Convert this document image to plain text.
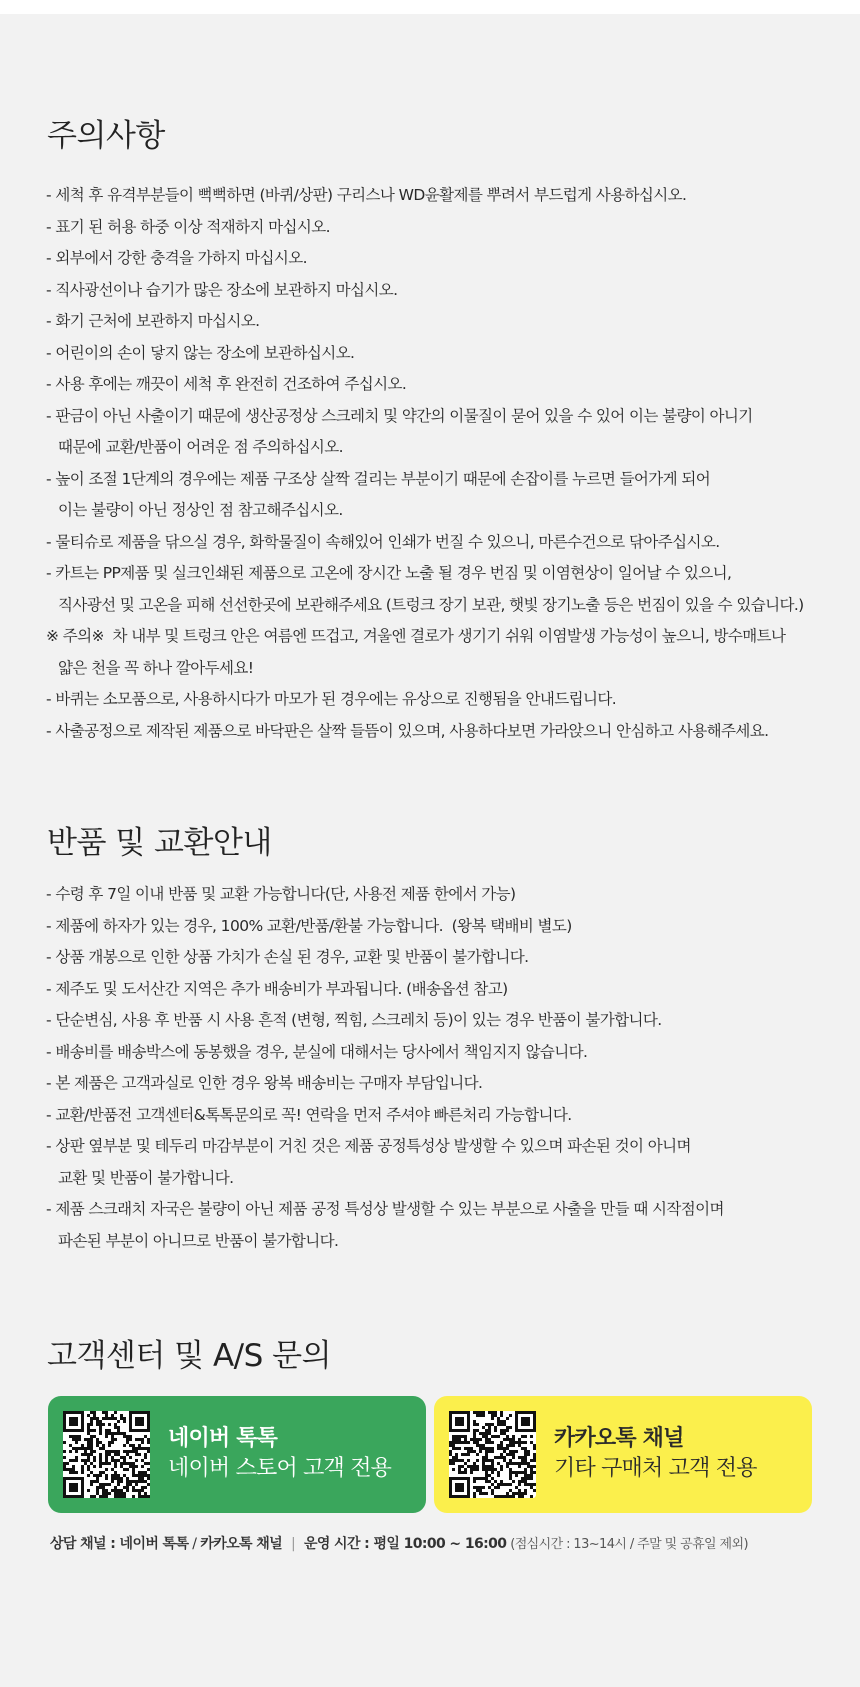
주의사항
- 세척 후 유격부분들이 뻑뻑하면 (바퀴/상판) 구리스나 WD윤활제를 뿌려서 부드럽게 사용하십시오.
- 표기 된 허용 하중 이상 적재하지 마십시오.
- 외부에서 강한 충격을 가하지 마십시오.
- 직사광선이나 습기가 많은 장소에 보관하지 마십시오.
- 화기 근처에 보관하지 마십시오.
- 어린이의 손이 닿지 않는 장소에 보관하십시오.
- 사용 후에는 깨끗이 세척 후 완전히 건조하여 주십시오.
- 판금이 아닌 사출이기 때문에 생산공정상 스크레치 및 약간의 이물질이 묻어 있을 수 있어 이는 불량이 아니기
때문에 교환/반품이 어려운 점 주의하십시오.
- 높이 조절 1단계의 경우에는 제품 구조상 살짝 걸리는 부분이기 때문에 손잡이를 누르면 들어가게 되어
이는 불량이 아닌 정상인 점 참고해주십시오.
- 물티슈로 제품을 닦으실 경우, 화학물질이 속해있어 인쇄가 번질 수 있으니, 마른수건으로 닦아주십시오.
- 카트는 PP제품 및 실크인쇄된 제품으로 고온에 장시간 노출 될 경우 번짐 및 이염현상이 일어날 수 있으니,
직사광선 및 고온을 피해 선선한곳에 보관해주세요 (트렁크 장기 보관, 햇빛 장기노출 등은 번짐이 있을 수 있습니다.)
※ 주의※  차 내부 및 트렁크 안은 여름엔 뜨겁고, 겨울엔 결로가 생기기 쉬워 이염발생 가능성이 높으니, 방수매트나
얇은 천을 꼭 하나 깔아두세요!
- 바퀴는 소모품으로, 사용하시다가 마모가 된 경우에는 유상으로 진행됨을 안내드립니다.
- 사출공정으로 제작된 제품으로 바닥판은 살짝 들뜸이 있으며, 사용하다보면 가라앉으니 안심하고 사용해주세요.
반품 및 교환안내
- 수령 후 7일 이내 반품 및 교환 가능합니다(단, 사용전 제품 한에서 가능)
- 제품에 하자가 있는 경우, 100% 교환/반품/환불 가능합니다.  (왕복 택배비 별도)
- 상품 개봉으로 인한 상품 가치가 손실 된 경우, 교환 및 반품이 불가합니다.
- 제주도 및 도서산간 지역은 추가 배송비가 부과됩니다. (배송옵션 참고)
- 단순변심, 사용 후 반품 시 사용 흔적 (변형, 찍힘, 스크레치 등)이 있는 경우 반품이 불가합니다.
- 배송비를 배송박스에 동봉했을 경우, 분실에 대해서는 당사에서 책임지지 않습니다.
- 본 제품은 고객과실로 인한 경우 왕복 배송비는 구매자 부담입니다.
- 교환/반품전 고객센터&톡톡문의로 꼭! 연락을 먼저 주셔야 빠른처리 가능합니다.
- 상판 옆부분 및 테두리 마감부분이 거친 것은 제품 공정특성상 발생할 수 있으며 파손된 것이 아니며
교환 및 반품이 불가합니다.
- 제품 스크래치 자국은 불량이 아닌 제품 공정 특성상 발생할 수 있는 부분으로 사출을 만들 때 시작점이며
파손된 부분이 아니므로 반품이 불가합니다.
고객센터 및 A/S 문의
네이버 톡톡
네이버 스토어 고객 전용
카카오톡 채널
기타 구매처 고객 전용
상담 채널 : 네이버 톡톡 / 카카오톡 채널 | 운영 시간 : 평일 10:00 ~ 16:00 (점심시간 : 13~14시 / 주말 및 공휴일 제외)
